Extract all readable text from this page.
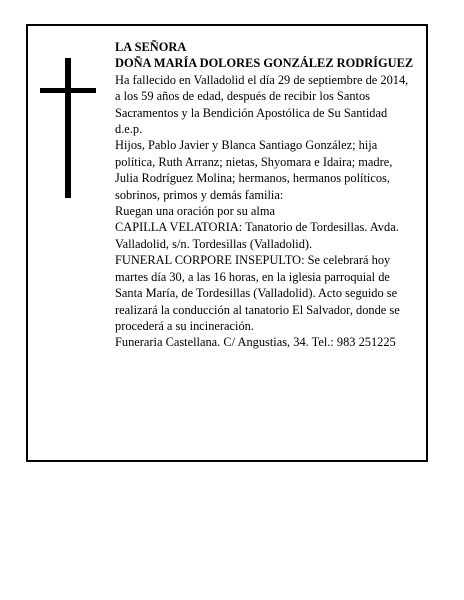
LA SEÑORA

DOÑA MARÍA DOLORES GONZÁLEZ RODRÍGUEZ

Ha fallecido en Valladolid el día 29 de septiembre de 2014, a los 59 años de edad, después de recibir los Santos Sacramentos y la Bendición Apostólica de Su Santidad

d.e.p.

Hijos, Pablo Javier y Blanca Santiago González; hija política, Ruth Arranz; nietas, Shyomara e Idaira; madre, Julia Rodríguez Molina; hermanos, hermanos políticos, sobrinos, primos y demás familia:

Ruegan una oración por su alma

CAPILLA VELATORIA: Tanatorio de Tordesillas. Avda. Valladolid, s/n. Tordesillas (Valladolid).

FUNERAL CORPORE INSEPULTO: Se celebrará hoy martes día 30, a las 16 horas, en la iglesia parroquial de Santa María, de Tordesillas (Valladolid). Acto seguido se realizará la conducción al tanatorio El Salvador, donde se procederá a su incineración.

Funeraria Castellana. C/ Angustias, 34. Tel.: 983 251225
